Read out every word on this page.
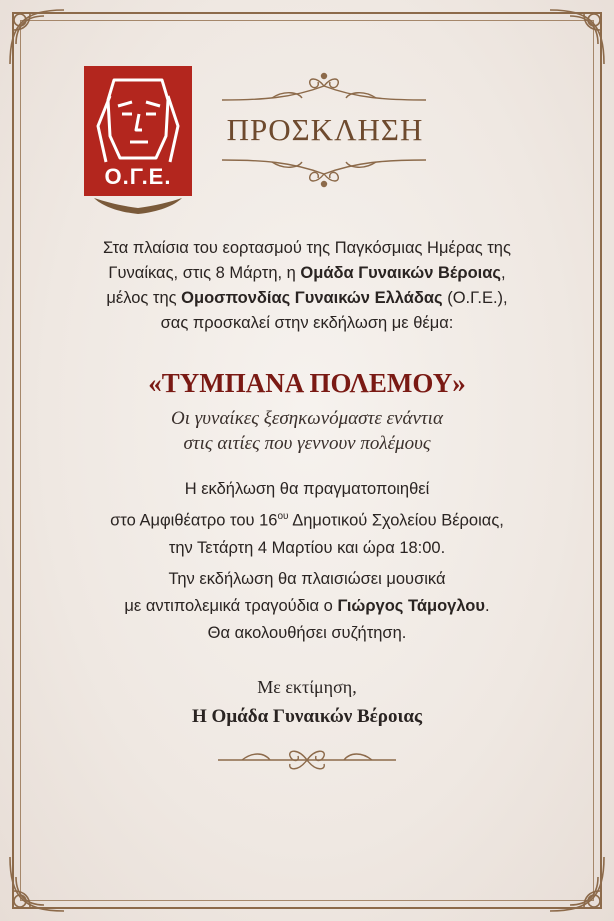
Ο.Γ.Ε.
ΠΡΟΣΚΛΗΣΗ
Στα πλαίσια του εορτασμού της Παγκόσμιας Ημέρας της
Γυναίκας, στις 8 Μάρτη, η Ομάδα Γυναικών Βέροιας,
μέλος της Ομοσπονδίας Γυναικών Ελλάδας (Ο.Γ.Ε.),
σας προσκαλεί στην εκδήλωση με θέμα:
«ΤΥΜΠΑΝΑ ΠΟΛΕΜΟΥ»
Οι γυναίκες ξεσηκωνόμαστε ενάντια
στις αιτίες που γεννουν πολέμους
Η εκδήλωση θα πραγματοποιηθεί
στο Αμφιθέατρο του $16^{o\upsilon}$ Δημοτικού Σχολείου Βέροιας,
την Τετάρτη 4 Μαρτίου και ώρα 18:00.
Την εκδήλωση θα πλαισιώσει μουσικά
με αντιπολεμικά τραγούδια ο Γιώργος Τάμογλου.
Θα ακολουθήσει συζήτηση.
Με εκτίμηση,
Η Ομάδα Γυναικών Βέροιας
